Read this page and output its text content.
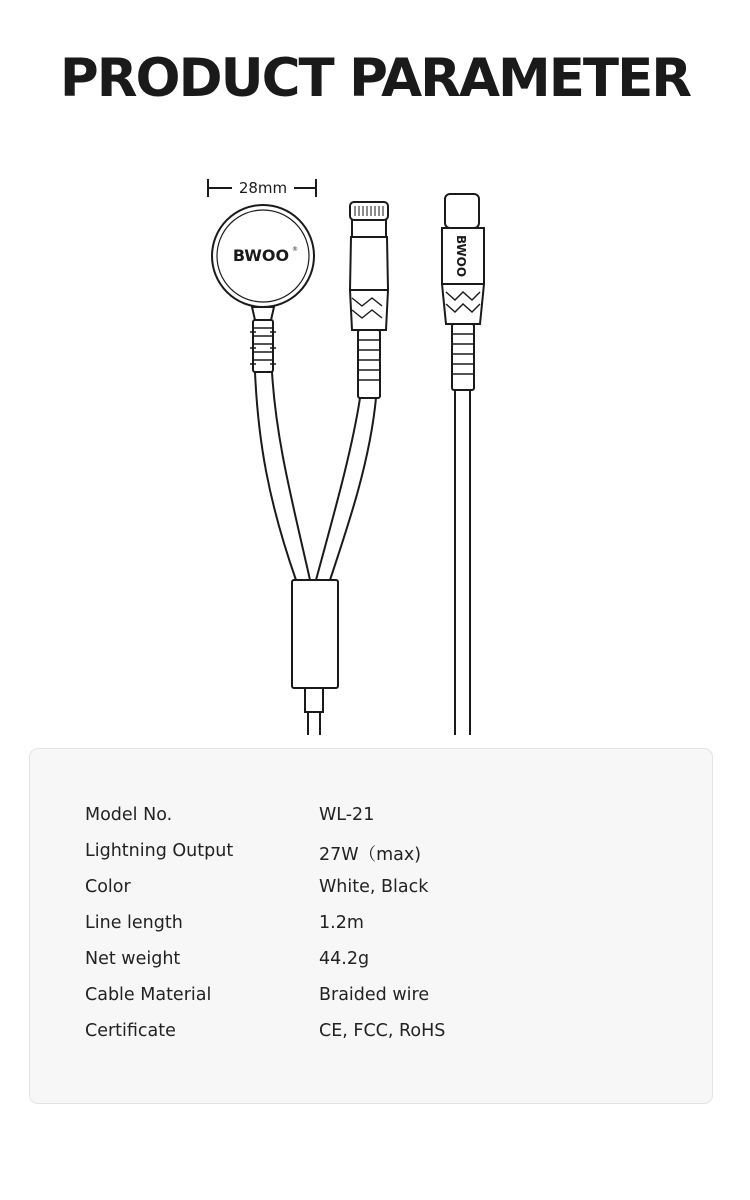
PRODUCT PARAMETER
28mm
BWOO ®	BWOO
Model No.	WL-21
Lightning Output	27W（max)
Color	White, Black
Line length	1.2m
Net weight	44.2g
Cable Material	Braided wire
Certificate	CE, FCC, RoHS
